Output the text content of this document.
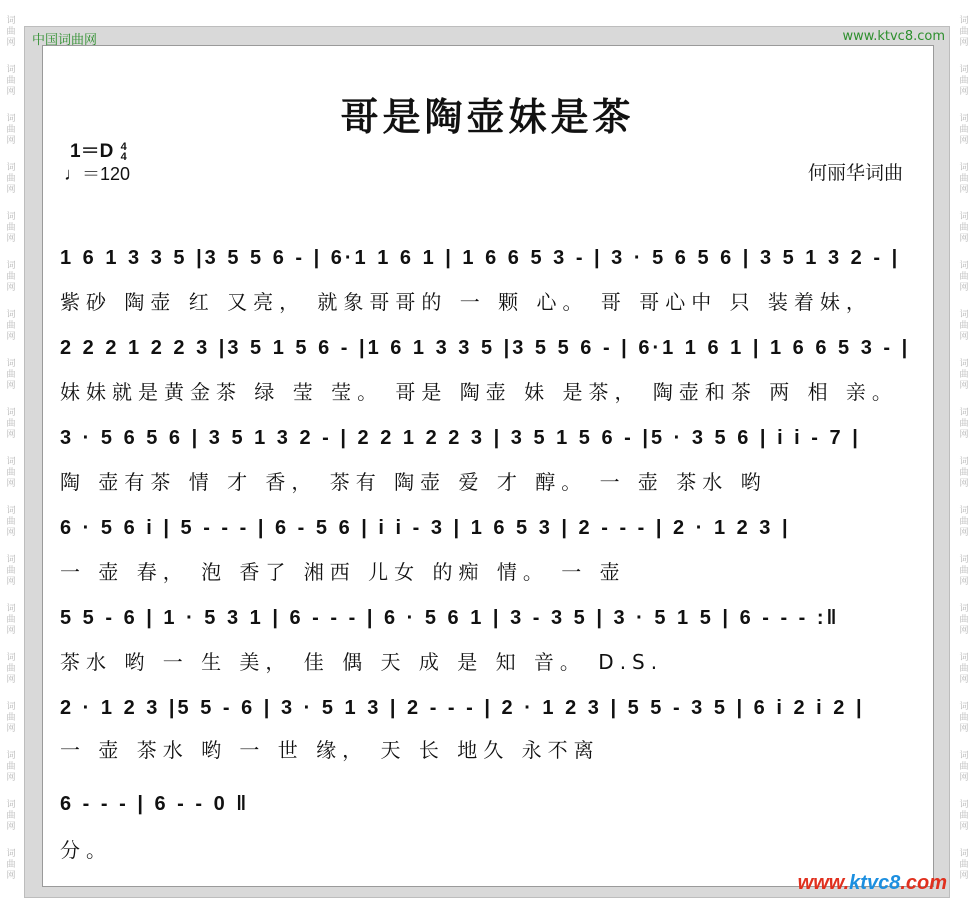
词曲网
词曲网
词曲网
词曲网
词曲网
词曲网
词曲网
词曲网
词曲网
词曲网
词曲网
词曲网
词曲网
词曲网
词曲网
词曲网
词曲网
词曲网
词曲网
词曲网
词曲网
词曲网
词曲网
词曲网
词曲网
词曲网
词曲网
词曲网
词曲网
词曲网
词曲网
词曲网
词曲网
词曲网
词曲网
词曲网
中国词曲网	www.ktvc8.com
哥是陶壶妹是茶
1＝D 4
4
♩＝120	何丽华词曲
1 6 1 3 3 5 |3 5 5 6 - | 6·1 1 6 1 | 1 6 6 5 3 - | 3 · 5 6 5 6 | 3 5 1 3 2 - |
紫砂 陶壶 红 又亮， 就象哥哥的 一 颗 心。 哥 哥心中 只 装着妹，
2 2 2 1 2 2 3 |3 5 1 5 6 - |1 6 1 3 3 5 |3 5 5 6 - | 6·1 1 6 1 | 1 6 6 5 3 - |
妹妹就是黄金茶 绿 莹 莹。 哥是 陶壶 妹 是茶， 陶壶和茶 两 相 亲。
3 · 5 6 5 6 | 3 5 1 3 2 - | 2 2 1 2 2 3 | 3 5 1 5 6 - |5 · 3 5 6 | i i - 7 |
陶 壶有茶 情 才 香， 茶有 陶壶 爱 才 醇。 一 壶 茶水 哟
6 · 5 6 i | 5 - - - | 6 - 5 6 | i i - 3 | 1 6 5 3 | 2 - - - | 2 · 1 2 3 |
一 壶 春， 泡 香了 湘西 儿女 的痴 情。 一 壶
5 5 - 6 | 1 · 5 3 1 | 6 - - - | 6 · 5 6 1 | 3 - 3 5 | 3 · 5 1 5 | 6 - - - :‖
茶水 哟 一 生 美， 佳 偶 天 成 是 知 音。 D.S.
2 · 1 2 3 |5 5 - 6 | 3 · 5 1 3 | 2 - - - | 2 · 1 2 3 | 5 5 - 3 5 | 6 i 2 i 2 |
一 壶 茶水 哟 一 世 缘， 天 长 地久 永不离
6 - - - | 6 - - 0 ‖
分。
www.ktvc8.com
